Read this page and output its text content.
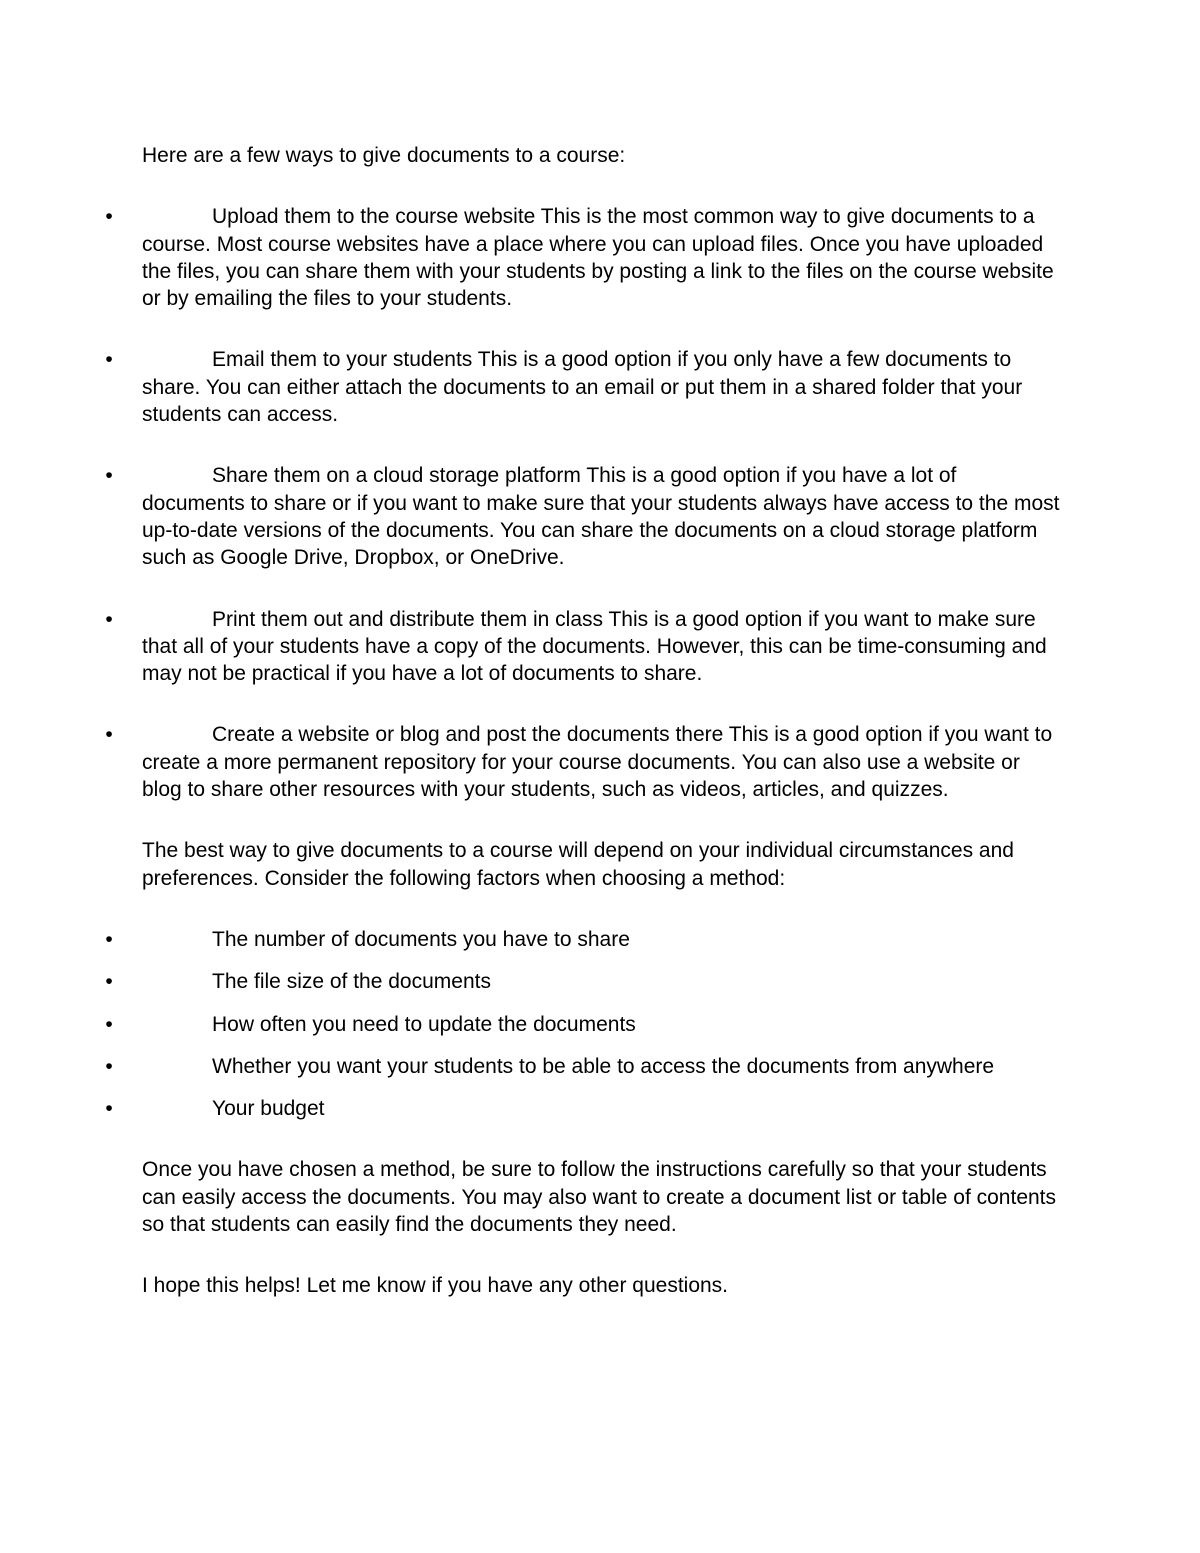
Here are a few ways to give documents to a course:

•	Upload them to the course website This is the most common way to give documents to a course. Most course websites have a place where you can upload files. Once you have uploaded the files, you can share them with your students by posting a link to the files on the course website or by emailing the files to your students.
•	Email them to your students This is a good option if you only have a few documents to share. You can either attach the documents to an email or put them in a shared folder that your students can access.
•	Share them on a cloud storage platform This is a good option if you have a lot of documents to share or if you want to make sure that your students always have access to the most up-to-date versions of the documents. You can share the documents on a cloud storage platform such as Google Drive, Dropbox, or OneDrive.
•	Print them out and distribute them in class This is a good option if you want to make sure that all of your students have a copy of the documents. However, this can be time-consuming and may not be practical if you have a lot of documents to share.
•	Create a website or blog and post the documents there This is a good option if you want to create a more permanent repository for your course documents. You can also use a website or blog to share other resources with your students, such as videos, articles, and quizzes.

The best way to give documents to a course will depend on your individual circumstances and preferences. Consider the following factors when choosing a method:

•	The number of documents you have to share
•	The file size of the documents
•	How often you need to update the documents
•	Whether you want your students to be able to access the documents from anywhere
•	Your budget

Once you have chosen a method, be sure to follow the instructions carefully so that your students can easily access the documents. You may also want to create a document list or table of contents so that students can easily find the documents they need.

I hope this helps! Let me know if you have any other questions.
